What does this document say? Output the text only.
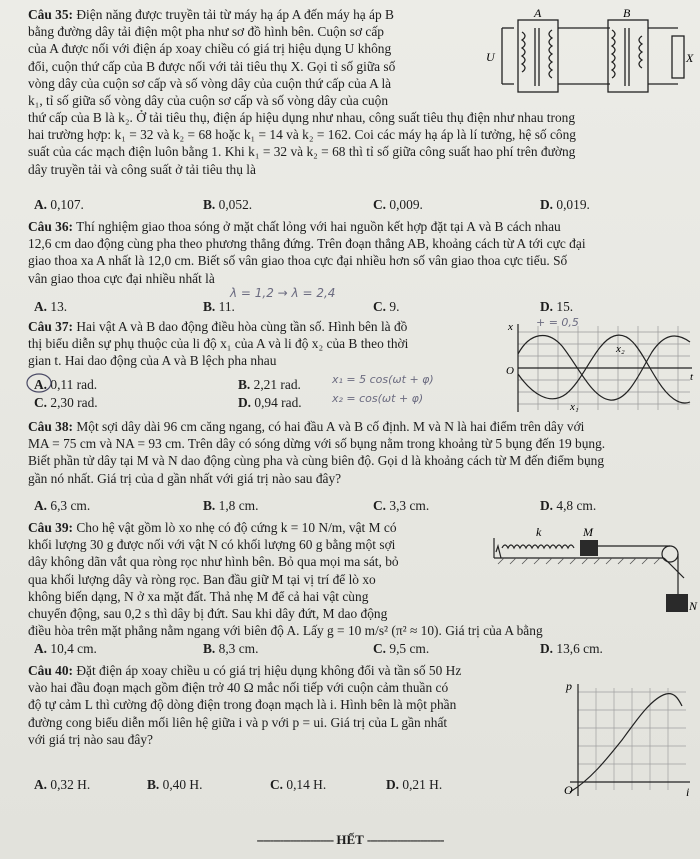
Câu 35: Điện năng được truyền tải từ máy hạ áp A đến máy hạ áp B
bằng đường dây tải điện một pha như sơ đồ hình bên. Cuộn sơ cấp
của A được nối với điện áp xoay chiều có giá trị hiệu dụng U không
đổi, cuộn thứ cấp của B được nối với tải tiêu thụ X. Gọi tỉ số giữa số
vòng dây của cuộn sơ cấp và số vòng dây của cuộn thứ cấp của A là
k₁, tỉ số giữa số vòng dây của cuộn sơ cấp và số vòng dây của cuộn
thứ cấp của B là k₂. Ở tải tiêu thụ, điện áp hiệu dụng như nhau, công suất tiêu thụ điện như nhau trong
hai trường hợp: k₁ = 32 và k₂ = 68 hoặc k₁ = 14 và k₂ = 162. Coi các máy hạ áp là lí tưởng, hệ số công
suất của các mạch điện luôn bằng 1. Khi k₁ = 32 và k₂ = 68 thì tỉ số giữa công suất hao phí trên đường
dây truyền tải và công suất ở tải tiêu thụ là
A	B
U	X
A. 0,107.	B. 0,052.	C. 0,009.	D. 0,019.
Câu 36: Thí nghiệm giao thoa sóng ở mặt chất lỏng với hai nguồn kết hợp đặt tại A và B cách nhau
12,6 cm dao động cùng pha theo phương thẳng đứng. Trên đoạn thẳng AB, khoảng cách từ A tới cực đại
giao thoa xa A nhất là 12,0 cm. Biết số vân giao thoa cực đại nhiều hơn số vân giao thoa cực tiểu. Số
vân giao thoa cực đại nhiều nhất là
λ = 1,2 → λ = 2,4
A. 13.	B. 11.	C. 9.	D. 15.
Câu 37: Hai vật A và B dao động điều hòa cùng tần số. Hình bên là đồ
thị biểu diễn sự phụ thuộc của li độ x₁ của A và li độ x₂ của B theo thời
gian t. Hai dao động của A và B lệch pha nhau
x₁ = 5 cos(ωt + φ)
x₂ = cos(ωt + φ)
+ = 0,5
A. 0,11 rad.	B. 2,21 rad.
C. 2,30 rad.	D. 0,94 rad.
x
t
O
x₂
x₁
Câu 38: Một sợi dây dài 96 cm căng ngang, có hai đầu A và B cố định. M và N là hai điểm trên dây với
MA = 75 cm và NA = 93 cm. Trên dây có sóng dừng với số bụng nằm trong khoảng từ 5 bụng đến 19 bụng.
Biết phần tử dây tại M và N dao động cùng pha và cùng biên độ. Gọi d là khoảng cách từ M đến điểm bụng
gần nó nhất. Giá trị của d gần nhất với giá trị nào sau đây?
A. 6,3 cm.	B. 1,8 cm.	C. 3,3 cm.	D. 4,8 cm.
Câu 39: Cho hệ vật gồm lò xo nhẹ có độ cứng k = 10 N/m, vật M có
khối lượng 30 g được nối với vật N có khối lượng 60 g bằng một sợi
dây không dãn vắt qua ròng rọc như hình bên. Bỏ qua mọi ma sát, bỏ
qua khối lượng dây và ròng rọc. Ban đầu giữ M tại vị trí để lò xo
không biến dạng, N ở xa mặt đất. Thả nhẹ M để cả hai vật cùng
chuyển động, sau 0,2 s thì dây bị đứt. Sau khi dây đứt, M dao động
điều hòa trên mặt phẳng nằm ngang với biên độ A. Lấy g = 10 m/s² (π² ≈ 10). Giá trị của A bằng
k	M
N
A. 10,4 cm.	B. 8,3 cm.	C. 9,5 cm.	D. 13,6 cm.
Câu 40: Đặt điện áp xoay chiều u có giá trị hiệu dụng không đổi và tần số 50 Hz
vào hai đầu đoạn mạch gồm điện trở 40 Ω mắc nối tiếp với cuộn cảm thuần có
độ tự cảm L thì cường độ dòng điện trong đoạn mạch là i. Hình bên là một phần
đường cong biểu diễn mối liên hệ giữa i và p với p = ui. Giá trị của L gần nhất
với giá trị nào sau đây?
A. 0,32 H.	B. 0,40 H.	C. 0,14 H.	D. 0,21 H.
p
i
O
----------------------- HẾT -----------------------
